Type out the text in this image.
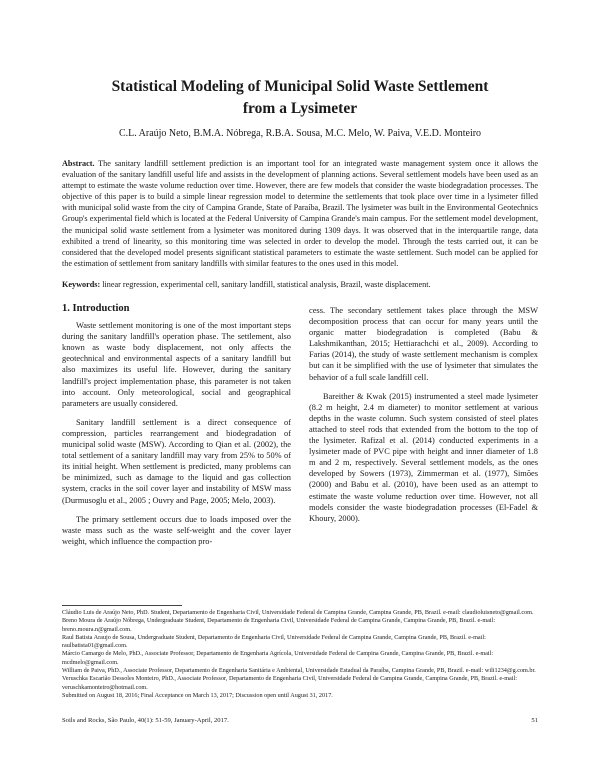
Statistical Modeling of Municipal Solid Waste Settlement
from a Lysimeter
C.L. Araújo Neto, B.M.A. Nóbrega, R.B.A. Sousa, M.C. Melo, W. Paiva, V.E.D. Monteiro
Abstract. The sanitary landfill settlement prediction is an important tool for an integrated waste management system once it allows the evaluation of the sanitary landfill useful life and assists in the development of planning actions. Several settlement models have been used as an attempt to estimate the waste volume reduction over time. However, there are few models that consider the waste biodegradation processes. The objective of this paper is to build a simple linear regression model to determine the settlements that took place over time in a lysimeter filled with municipal solid waste from the city of Campina Grande, State of Paraíba, Brazil. The lysimeter was built in the Environmental Geotechnics Group's experimental field which is located at the Federal University of Campina Grande's main campus. For the settlement model development, the municipal solid waste settlement from a lysimeter was monitored during 1309 days. It was observed that in the interquartile range, data exhibited a trend of linearity, so this monitoring time was selected in order to develop the model. Through the tests carried out, it can be considered that the developed model presents significant statistical parameters to estimate the waste settlement. Such model can be applied for the estimation of settlement from sanitary landfills with similar features to the ones used in this model.
Keywords: linear regression, experimental cell, sanitary landfill, statistical analysis, Brazil, waste displacement.
1. Introduction

Waste settlement monitoring is one of the most important steps during the sanitary landfill's operation phase. The settlement, also known as waste body displacement, not only affects the geotechnical and environmental aspects of a sanitary landfill but also maximizes its useful life. However, during the sanitary landfill's project implementation phase, this parameter is not taken into account. Only meteorological, social and geographical parameters are usually considered.

Sanitary landfill settlement is a direct consequence of compression, particles rearrangement and biodegradation of municipal solid waste (MSW). According to Qian et al. (2002), the total settlement of a sanitary landfill may vary from 25% to 50% of its initial height. When settlement is predicted, many problems can be minimized, such as damage to the liquid and gas collection system, cracks in the soil cover layer and instability of MSW mass (Durmusoglu et al., 2005 ; Ouvry and Page, 2005; Melo, 2003).

The primary settlement occurs due to loads imposed over the waste mass such as the waste self-weight and the cover layer weight, which influence the compaction pro-

cess. The secondary settlement takes place through the MSW decomposition process that can occur for many years until the organic matter biodegradation is completed (Babu & Lakshmikanthan, 2015; Hettiarachchi et al., 2009). According to Farias (2014), the study of waste settlement mechanism is complex but can it be simplified with the use of lysimeter that simulates the behavior of a full scale landfill cell.

Bareither & Kwak (2015) instrumented a steel made lysimeter (8.2 m height, 2.4 m diameter) to monitor settlement at various depths in the waste column. Such system consisted of steel plates attached to steel rods that extended from the bottom to the top of the lysimeter. Rafizal et al. (2014) conducted experiments in a lysimeter made of PVC pipe with height and inner diameter of 1.8 m and 2 m, respectively. Several settlement models, as the ones developed by Sowers (1973), Zimmerman et al. (1977), Simões (2000) and Babu et al. (2010), have been used as an attempt to estimate the waste volume reduction over time. However, not all models consider the waste biodegradation processes (El-Fadel & Khoury, 2000).

Cláudio Luis de Araújo Neto, PhD. Student, Departamento de Engenharia Civil, Universidade Federal de Campina Grande, Campina Grande, PB, Brazil. e-mail: claudioluisneto@gmail.com.
Breno Moura de Araújo Nóbrega, Undergraduate Student, Departamento de Engenharia Civil, Universidade Federal de Campina Grande, Campina Grande, PB, Brazil. e-mail: breno.moura.n@gmail.com.
Raul Batista Araujo de Sousa, Undergraduate Student, Departamento de Engenharia Civil, Universidade Federal de Campina Grande, Campina Grande, PB, Brazil. e-mail: raulbatista01@gmail.com.
Márcio Camargo de Melo, PhD., Associate Professor, Departamento de Engenharia Agrícola, Universidade Federal de Campina Grande, Campina Grande, PB, Brazil. e-mail: mcdmelo@gmail.com.
William de Paiva, PhD., Associate Professor, Departamento de Engenharia Sanitária e Ambiental, Universidade Estadual da Paraíba, Campina Grande, PB, Brazil. e-mail: wili1234@g.com.br.
Veruschka Escarião Dessoles Monteiro, PhD., Associate Professor, Departamento de Engenharia Civil, Universidade Federal de Campina Grande, Campina Grande, PB, Brazil. e-mail: veruschkamonteiro@hotmail.com.
Submitted on August 18, 2016; Final Acceptance on March 13, 2017; Discussion open until August 31, 2017.
Soils and Rocks, São Paulo, 40(1): 51-59, January-April, 2017.	51
